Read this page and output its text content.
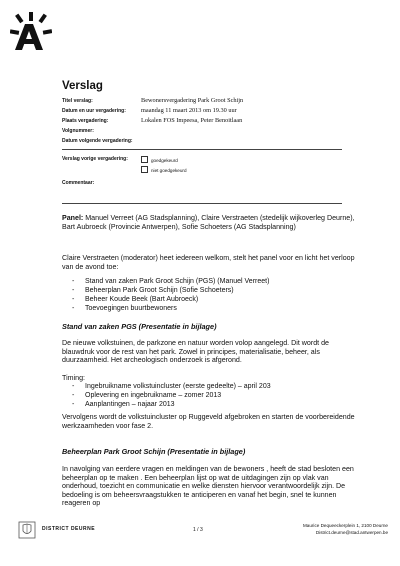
Verslag
Titel verslag:	Bewonersvergadering Park Groot Schijn
Datum en uur vergadering: maandag 11 maart 2013 om 19.30 uur
Plaats vergadering:	Lokalen FOS Impeesa, Peter Benoitlaan
Volgnummer:
Datum volgende vergadering:
Verslag vorige vergadering:	goedgekeurd
niet goedgekeurd
Commentaar:

Panel: Manuel Verreet (AG Stadsplanning), Claire Verstraeten (stedelijk wijkoverleg Deurne), Bart Aubroeck (Provincie Antwerpen), Sofie Schoeters (AG Stadsplanning)

Claire Verstraeten (moderator) heet iedereen welkom, stelt het panel voor en licht het verloop van de avond toe:

- Stand van zaken Park Groot Schijn (PGS) (Manuel Verreet)
- Beheerplan Park Groot Schijn (Sofie Schoeters)
- Beheer Koude Beek (Bart Aubroeck)
- Toevoegingen buurtbewoners
Stand van zaken PGS (Presentatie in bijlage)

De nieuwe volkstuinen, de parkzone en natuur worden volop aangelegd. Dit wordt de blauwdruk voor de rest van het park. Zowel in principes, materialisatie, beheer, als duurzaamheid. Het archeologisch onderzoek is afgerond.

Timing:

- Ingebruikname volkstuincluster (eerste gedeelte) – april 203
- Oplevering en ingebruikname – zomer 2013
- Aanplantingen – najaar 2013

Vervolgens wordt de volkstuincluster op Ruggeveld afgebroken en starten de voorbereidende werkzaamheden voor fase 2.

Beheerplan Park Groot Schijn (Presentatie in bijlage)

In navolging van eerdere vragen en meldingen van de bewoners , heeft de stad besloten een beheerplan op te maken . Een beheerplan lijst op wat de uitdagingen zijn op vlak van onderhoud, toezicht en communicatie en welke diensten hiervoor verantwoordelijk zijn. De bedoeling is om beheersvraagstukken te anticiperen en vanaf het begin, snel te kunnen reageren op

DISTRICT DEURNE	1 / 3
Maurice Dequeeckerplein 1, 2100 Deurne
District.deurne@stad.antwerpen.be
